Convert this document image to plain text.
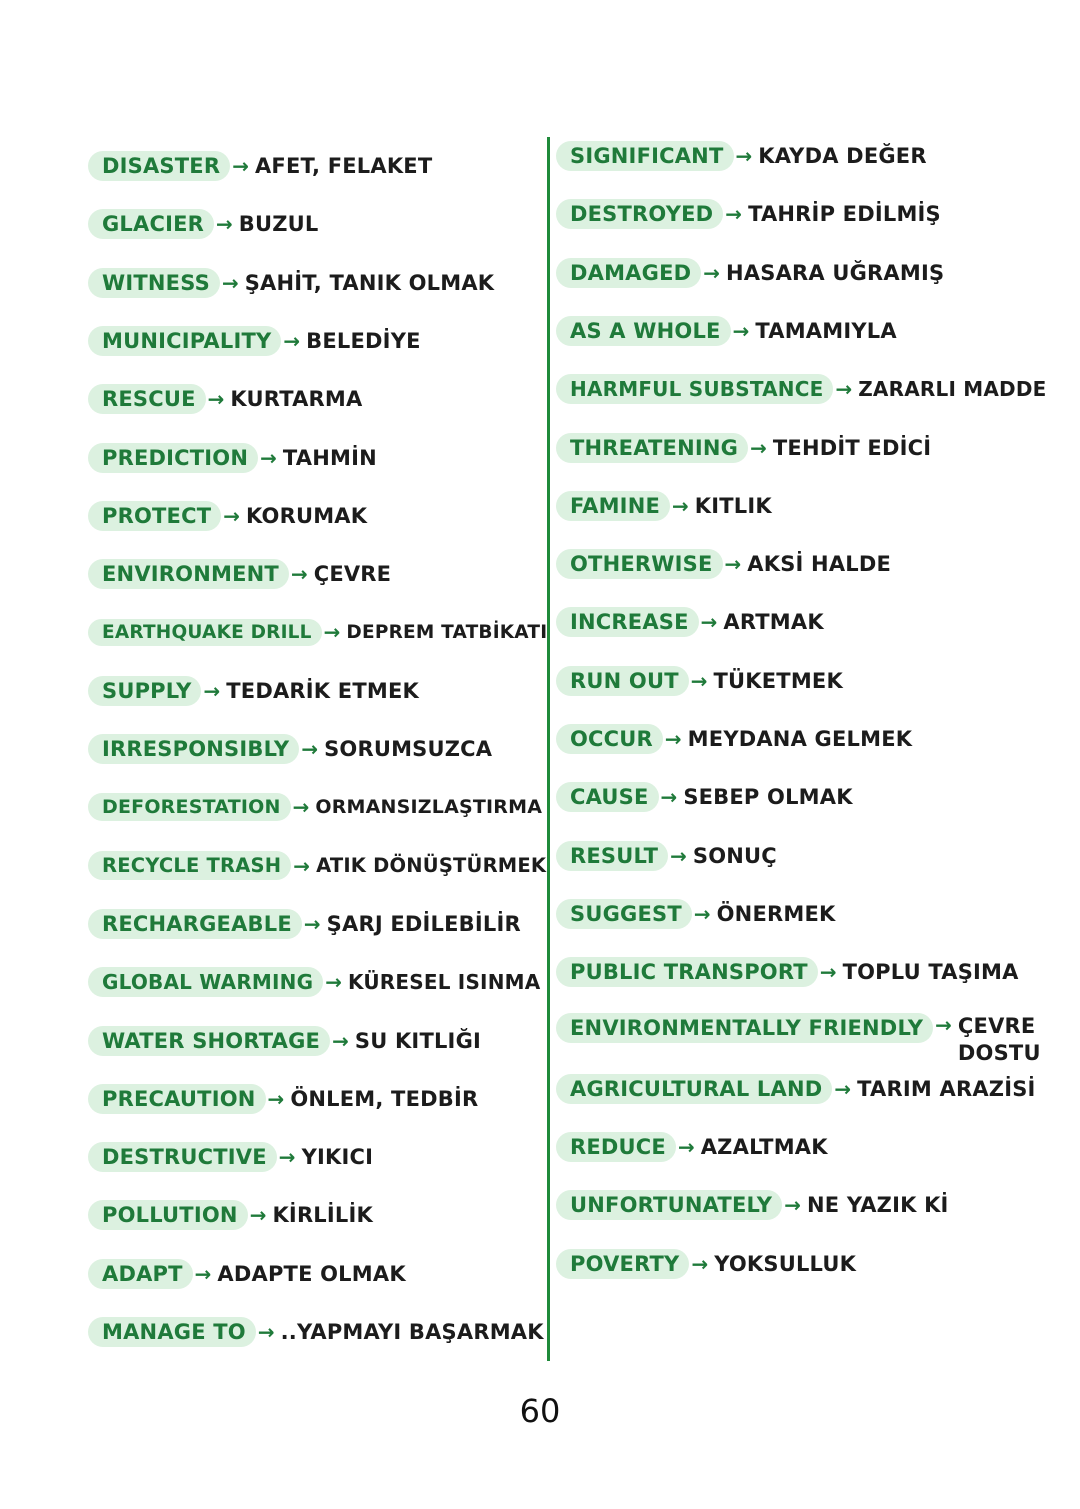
DISASTER → AFET, FELAKET
GLACIER → BUZUL
WITNESS → ŞAHİT, TANIK OLMAK
MUNICIPALITY → BELEDİYE
RESCUE → KURTARMA
PREDICTION → TAHMİN
PROTECT → KORUMAK
ENVIRONMENT → ÇEVRE
EARTHQUAKE DRILL → DEPREM TATBİKATI
SUPPLY → TEDARİK ETMEK
IRRESPONSIBLY → SORUMSUZCA
DEFORESTATION → ORMANSIZLAŞTIRMA
RECYCLE TRASH → ATIK DÖNÜŞTÜRMEK
RECHARGEABLE → ŞARJ EDİLEBİLİR
GLOBAL WARMING → KÜRESEL ISINMA
WATER SHORTAGE → SU KITLIĞI
PRECAUTION → ÖNLEM, TEDBİR
DESTRUCTIVE → YIKICI
POLLUTION → KİRLİLİK
ADAPT → ADAPTE OLMAK
MANAGE TO → ..YAPMAYI BAŞARMAK
SIGNIFICANT → KAYDA DEĞER
DESTROYED → TAHRİP EDİLMİŞ
DAMAGED → HASARA UĞRAMIŞ
AS A WHOLE → TAMAMIYLA
HARMFUL SUBSTANCE → ZARARLI MADDE
THREATENING → TEHDİT EDİCİ
FAMINE → KITLIK
OTHERWISE → AKSİ HALDE
INCREASE → ARTMAK
RUN OUT → TÜKETMEK
OCCUR → MEYDANA GELMEK
CAUSE → SEBEP OLMAK
RESULT → SONUÇ
SUGGEST → ÖNERMEK
PUBLIC TRANSPORT → TOPLU TAŞIMA
ENVIRONMENTALLY FRIENDLY → ÇEVRE
DOSTU
AGRICULTURAL LAND → TARIM ARAZİSİ
REDUCE → AZALTMAK
UNFORTUNATELY → NE YAZIK Kİ
POVERTY → YOKSULLUK
60
